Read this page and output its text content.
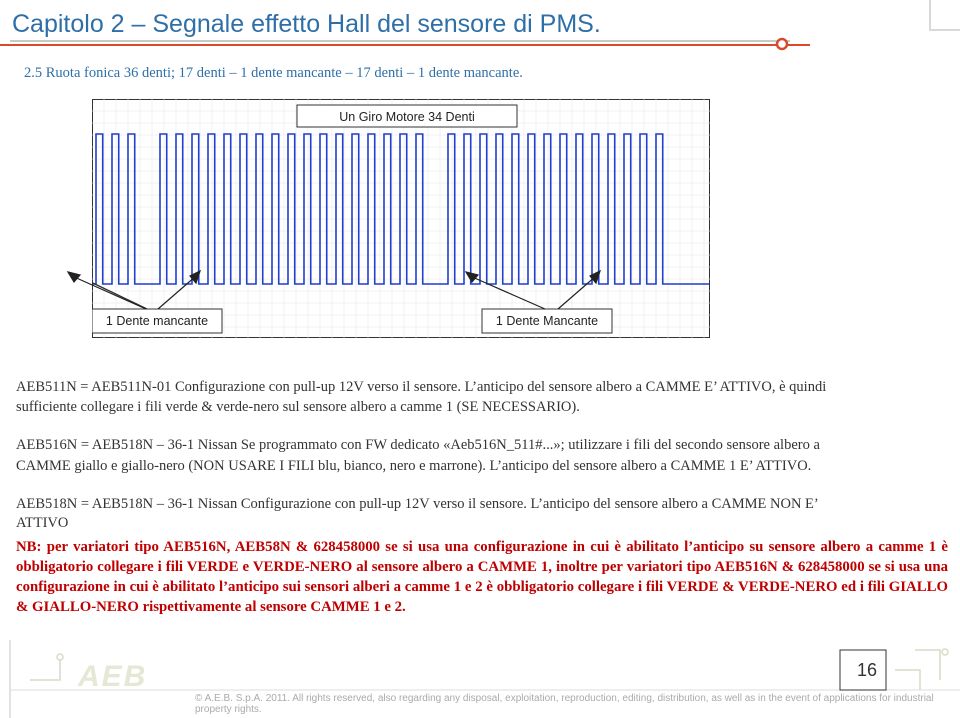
Capitolo 2 – Segnale effetto Hall del sensore di PMS.
2.5 Ruota fonica 36 denti; 17 denti – 1 dente mancante – 17 denti – 1 dente mancante.
Un Giro Motore 34 Denti
1 Dente mancante	1 Dente Mancante
AEB511N = AEB511N-01 Configurazione con pull-up 12V verso il sensore. L’anticipo del sensore albero a CAMME E’ ATTIVO, è quindi
sufficiente collegare i fili verde & verde-nero sul sensore albero a camme 1 (SE NECESSARIO).
AEB516N = AEB518N – 36-1 Nissan Se programmato con FW dedicato «Aeb516N_511#...»; utilizzare i fili del secondo sensore albero a
CAMME giallo e giallo-nero (NON USARE I FILI blu, bianco, nero e marrone). L’anticipo del sensore albero a CAMME 1 E’ ATTIVO.
AEB518N = AEB518N – 36-1 Nissan Configurazione con pull-up 12V verso il sensore. L’anticipo del sensore albero a CAMME NON E’
ATTIVO
NB: per variatori tipo AEB516N, AEB58N & 628458000 se si usa una configurazione in cui è abilitato l’anticipo su sensore albero a camme 1 è obbligatorio collegare i fili VERDE e VERDE-NERO al sensore albero a CAMME 1, inoltre per variatori tipo AEB516N & 628458000 se si usa una configurazione in cui è abilitato l’anticipo sui sensori alberi a camme 1 e 2 è obbligatorio collegare i fili VERDE & VERDE-NERO ed i fili GIALLO & GIALLO-NERO rispettivamente al sensore CAMME 1 e 2.
AEB	16
© A.E.B. S.p.A. 2011. All rights reserved, also regarding any disposal, exploitation, reproduction, editing, distribution, as well as in the event of applications for industrial property rights.
